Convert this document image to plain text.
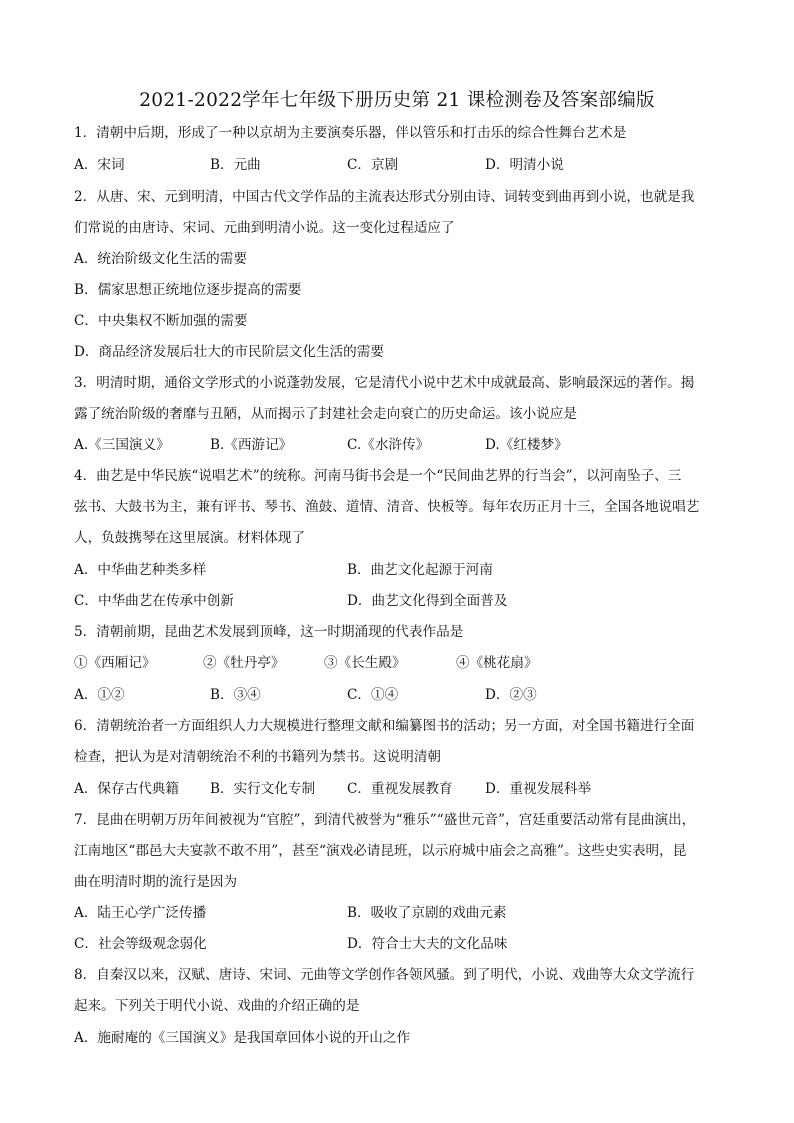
2021-2022学年七年级下册历史第 21 课检测卷及答案部编版
1．清朝中后期，形成了一种以京胡为主要演奏乐器，伴以管乐和打击乐的综合性舞台艺术是
A．宋词	B．元曲	C．京剧	D．明清小说
2．从唐、宋、元到明清，中国古代文学作品的主流表达形式分别由诗、词转变到曲再到小说，也就是我
们常说的由唐诗、宋词、元曲到明清小说。这一变化过程适应了
A．统治阶级文化生活的需要
B．儒家思想正统地位逐步提高的需要
C．中央集权不断加强的需要
D．商品经济发展后壮大的市民阶层文化生活的需要
3．明清时期，通俗文学形式的小说蓬勃发展，它是清代小说中艺术中成就最高、影响最深远的著作。揭
露了统治阶级的奢靡与丑陋，从而揭示了封建社会走向衰亡的历史命运。该小说应是
A.《三国演义》	B.《西游记》	C.《水浒传》	D.《红楼梦》
4．曲艺是中华民族“说唱艺术”的统称。河南马街书会是一个“民间曲艺界的行当会”，以河南坠子、三
弦书、大鼓书为主，兼有评书、琴书、渔鼓、道情、清音、快板等。每年农历正月十三，全国各地说唱艺
人，负鼓携琴在这里展演。材料体现了
A．中华曲艺种类多样	B．曲艺文化起源于河南
C．中华曲艺在传承中创新	D．曲艺文化得到全面普及
5．清朝前期，昆曲艺术发展到顶峰，这一时期涌现的代表作品是
①《西厢记》	②《牡丹亭》	③《长生殿》	④《桃花扇》
A．①②	B．③④	C．①④	D．②③
6．清朝统治者一方面组织人力大规模进行整理文献和编纂图书的活动；另一方面，对全国书籍进行全面
检查，把认为是对清朝统治不利的书籍列为禁书。这说明清朝
A．保存古代典籍 B．实行文化专制 C．重视发展教育 D．重视发展科举
7．昆曲在明朝万历年间被视为“官腔”，到清代被誉为“雅乐”“盛世元音”，宫廷重要活动常有昆曲演出，
江南地区“郡邑大夫宴款不敢不用”，甚至“演戏必请昆班，以示府城中庙会之高雅”。这些史实表明，昆
曲在明清时期的流行是因为
A．陆王心学广泛传播	B．吸收了京剧的戏曲元素
C．社会等级观念弱化	D．符合士大夫的文化品味
8．自秦汉以来，汉赋、唐诗、宋词、元曲等文学创作各领风骚。到了明代，小说、戏曲等大众文学流行
起来。下列关于明代小说、戏曲的介绍正确的是
A．施耐庵的《三国演义》是我国章回体小说的开山之作
